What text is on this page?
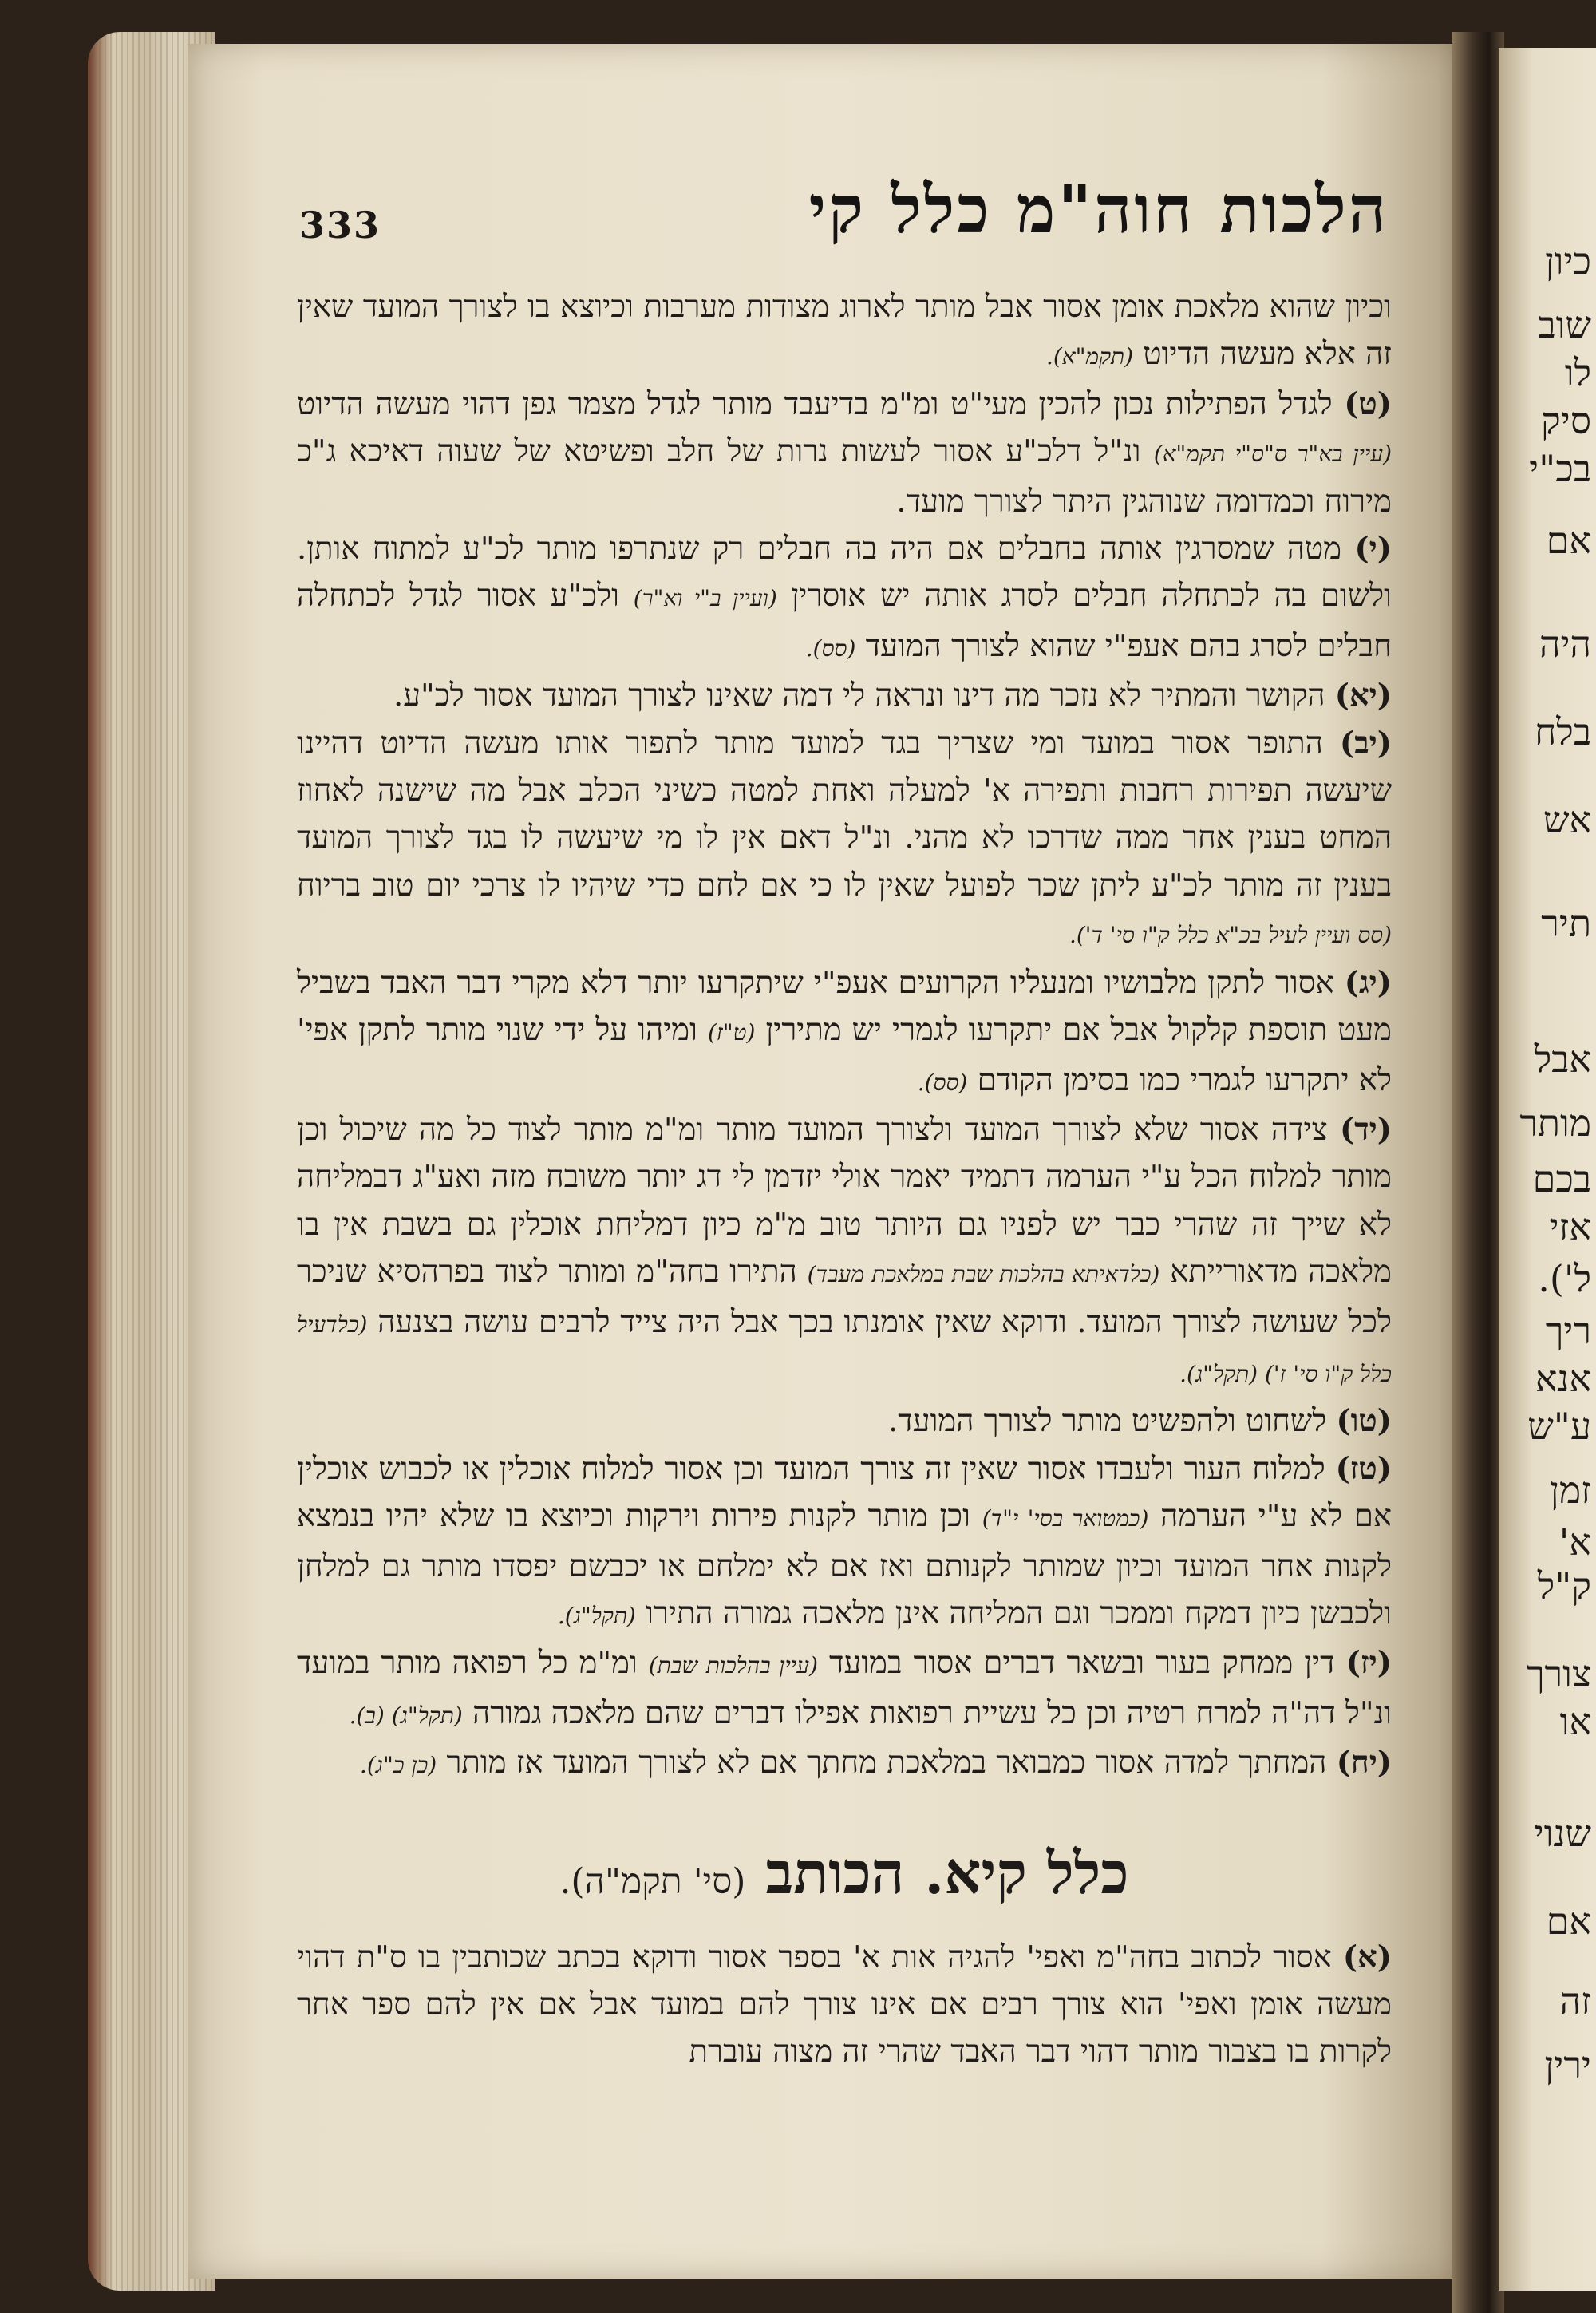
כיון
שוב
לו
סיק
בכ"י
אם
היה
בלח
אש
תיר
אבל
מותר
בכם
אזי
ל').
ריך
אנא
ע"ש
זמן
א'
ק"ל
צורך
או
שנוי
אם
זה
ירין
333	הלכות חוה"מ כלל קי

וכיון שהוא מלאכת אומן אסור אבל מותר לארוג מצודות מערבות וכיוצא בו לצורך המועד שאין זה אלא מעשה הדיוט (תקמ"א).

(ט) לגדל הפתילות נכון להכין מעי"ט ומ"מ בדיעבד מותר לגדל מצמר גפן דהוי מעשה הדיוט (עיין בא"ר ס"ס"י תקמ"א) ונ"ל דלכ"ע אסור לעשות נרות של חלב ופשיטא של שעוה דאיכא ג"כ מירוח וכמדומה שנוהגין היתר לצורך מועד.

(י) מטה שמסרגין אותה בחבלים אם היה בה חבלים רק שנתרפו מותר לכ"ע למתוח אותן. ולשום בה לכתחלה חבלים לסרג אותה יש אוסרין (ועיין ב"י וא"ר) ולכ"ע אסור לגדל לכתחלה חבלים לסרג בהם אעפ"י שהוא לצורך המועד (סס).

(יא) הקושר והמתיר לא נזכר מה דינו ונראה לי דמה שאינו לצורך המועד אסור לכ"ע.

(יב) התופר אסור במועד ומי שצריך בגד למועד מותר לתפור אותו מעשה הדיוט דהיינו שיעשה תפירות רחבות ותפירה א' למעלה ואחת למטה כשיני הכלב אבל מה שישנה לאחוז המחט בענין אחר ממה שדרכו לא מהני. ונ"ל דאם אין לו מי שיעשה לו בגד לצורך המועד בענין זה מותר לכ"ע ליתן שכר לפועל שאין לו כי אם לחם כדי שיהיו לו צרכי יום טוב בריוח (סס ועיין לעיל בכ"א כלל ק"ו סי' ד').

(יג) אסור לתקן מלבושיו ומנעליו הקרועים אעפ"י שיתקרעו יותר דלא מקרי דבר האבד בשביל מעט תוספת קלקול אבל אם יתקרעו לגמרי יש מתירין (ט"ז) ומיהו על ידי שנוי מותר לתקן אפי' לא יתקרעו לגמרי כמו בסימן הקודם (סס).

(יד) צידה אסור שלא לצורך המועד ולצורך המועד מותר ומ"מ מותר לצוד כל מה שיכול וכן מותר למלוח הכל ע"י הערמה דתמיד יאמר אולי יזדמן לי דג יותר משובח מזה ואע"ג דבמליחה לא שייך זה שהרי כבר יש לפניו גם היותר טוב מ"מ כיון דמליחת אוכלין גם בשבת אין בו מלאכה מדאורייתא (כלדאיתא בהלכות שבת במלאכת מעבד) התירו בחה"מ ומותר לצוד בפרהסיא שניכר לכל שעושה לצורך המועד. ודוקא שאין אומנתו בכך אבל היה צייד לרבים עושה בצנעה (כלדעיל כלל ק"ו סי' ז') (תקל"ג).

(טו) לשחוט ולהפשיט מותר לצורך המועד.

(טז) למלוח העור ולעבדו אסור שאין זה צורך המועד וכן אסור למלוח אוכלין או לכבוש אוכלין אם לא ע"י הערמה (כמטואר בסי' י"ד) וכן מותר לקנות פירות וירקות וכיוצא בו שלא יהיו בנמצא לקנות אחר המועד וכיון שמותר לקנותם ואז אם לא ימלחם או יכבשם יפסדו מותר גם למלחן ולכבשן כיון דמקח וממכר וגם המליחה אינן מלאכה גמורה התירו (תקל"ג).

(יז) דין ממחק בעור ובשאר דברים אסור במועד (עיין בהלכות שבת) ומ"מ כל רפואה מותר במועד ונ"ל דה"ה למרח רטיה וכן כל עשיית רפואות אפילו דברים שהם מלאכה גמורה (תקל"ג) (ב).

(יח) המחתך למדה אסור כמבואר במלאכת מחתך אם לא לצורך המועד אז מותר (כן כ"ג).

כלל קיא. הכותב (סי' תקמ"ה).

(א) אסור לכתוב בחה"מ ואפי' להגיה אות א' בספר אסור ודוקא בכתב שכותבין בו ס"ת דהוי מעשה אומן ואפי' הוא צורך רבים אם אינו צורך להם במועד אבל אם אין להם ספר אחר לקרות בו בצבור מותר דהוי דבר האבד שהרי זה מצוה עוברת
